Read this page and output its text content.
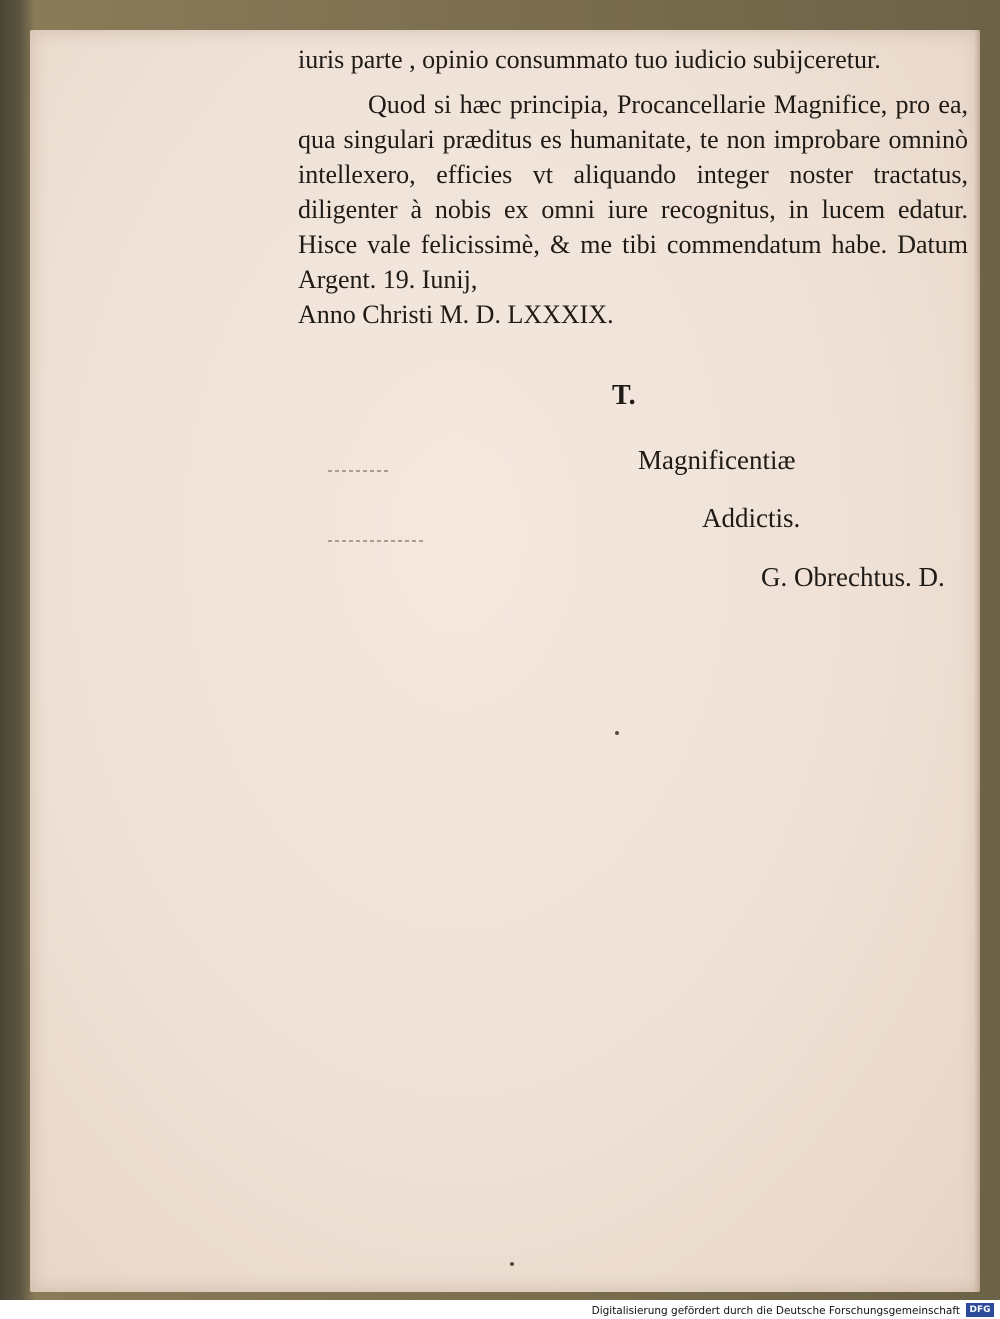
iuris parte , opinio consummato tuo iudicio subijceretur.

Quod si hæc principia, Procancellarie Magnifice, pro ea, qua singulari præditus es humanitate, te non improbare omninò intellexero, efficies vt aliquando integer noster tractatus, diligenter à nobis ex omni iure recognitus, in lucem edatur. Hisce vale felicissimè, & me tibi commendatum habe. Datum Argent. 19. Iunij,

Anno Christi M. D. LXXXIX.

T.
Magnificentiæ
Addictis.
G. Obrechtus. D.
Digitalisierung gefördert durch die Deutsche Forschungsgemeinschaft	DFG
